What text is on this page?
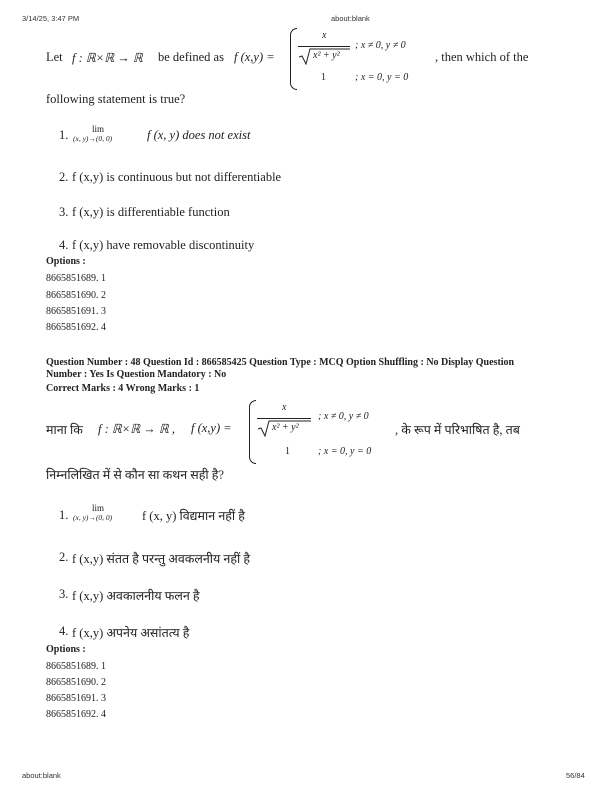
3/14/25, 3:47 PM	about:blank
about:blank	56/84
Let f : ℝ×ℝ → ℝ be defined as f (x,y) =
x
x² + y²
; x ≠ 0, y ≠ 0
1	; x = 0, y = 0
, then which of the
following statement is true?
1.	lim
(x, y)→(0, 0)	f (x, y) does not exist
2. f (x,y) is continuous but not differentiable
3. f (x,y) is differentiable function
4. f (x,y) have removable discontinuity
Options :
8665851689. 1
8665851690. 2
8665851691. 3
8665851692. 4
Question Number : 48 Question Id : 866585425 Question Type : MCQ Option Shuffling : No Display Question
Number : Yes Is Question Mandatory : No
Correct Marks : 4 Wrong Marks : 1
माना कि f : ℝ×ℝ → ℝ , f (x,y) =
x
x² + y²
; x ≠ 0, y ≠ 0
1	; x = 0, y = 0
, के रूप में परिभाषित है, तब
निम्नलिखित में से कौन सा कथन सही है?
1.	lim
(x, y)→(0, 0) f (x, y) विद्यमान नहीं है
2. f (x,y) संतत है परन्तु अवकलनीय नहीं है
3. f (x,y) अवकालनीय फलन है
4. f (x,y) अपनेय असांतत्य है
Options :
8665851689. 1
8665851690. 2
8665851691. 3
8665851692. 4
